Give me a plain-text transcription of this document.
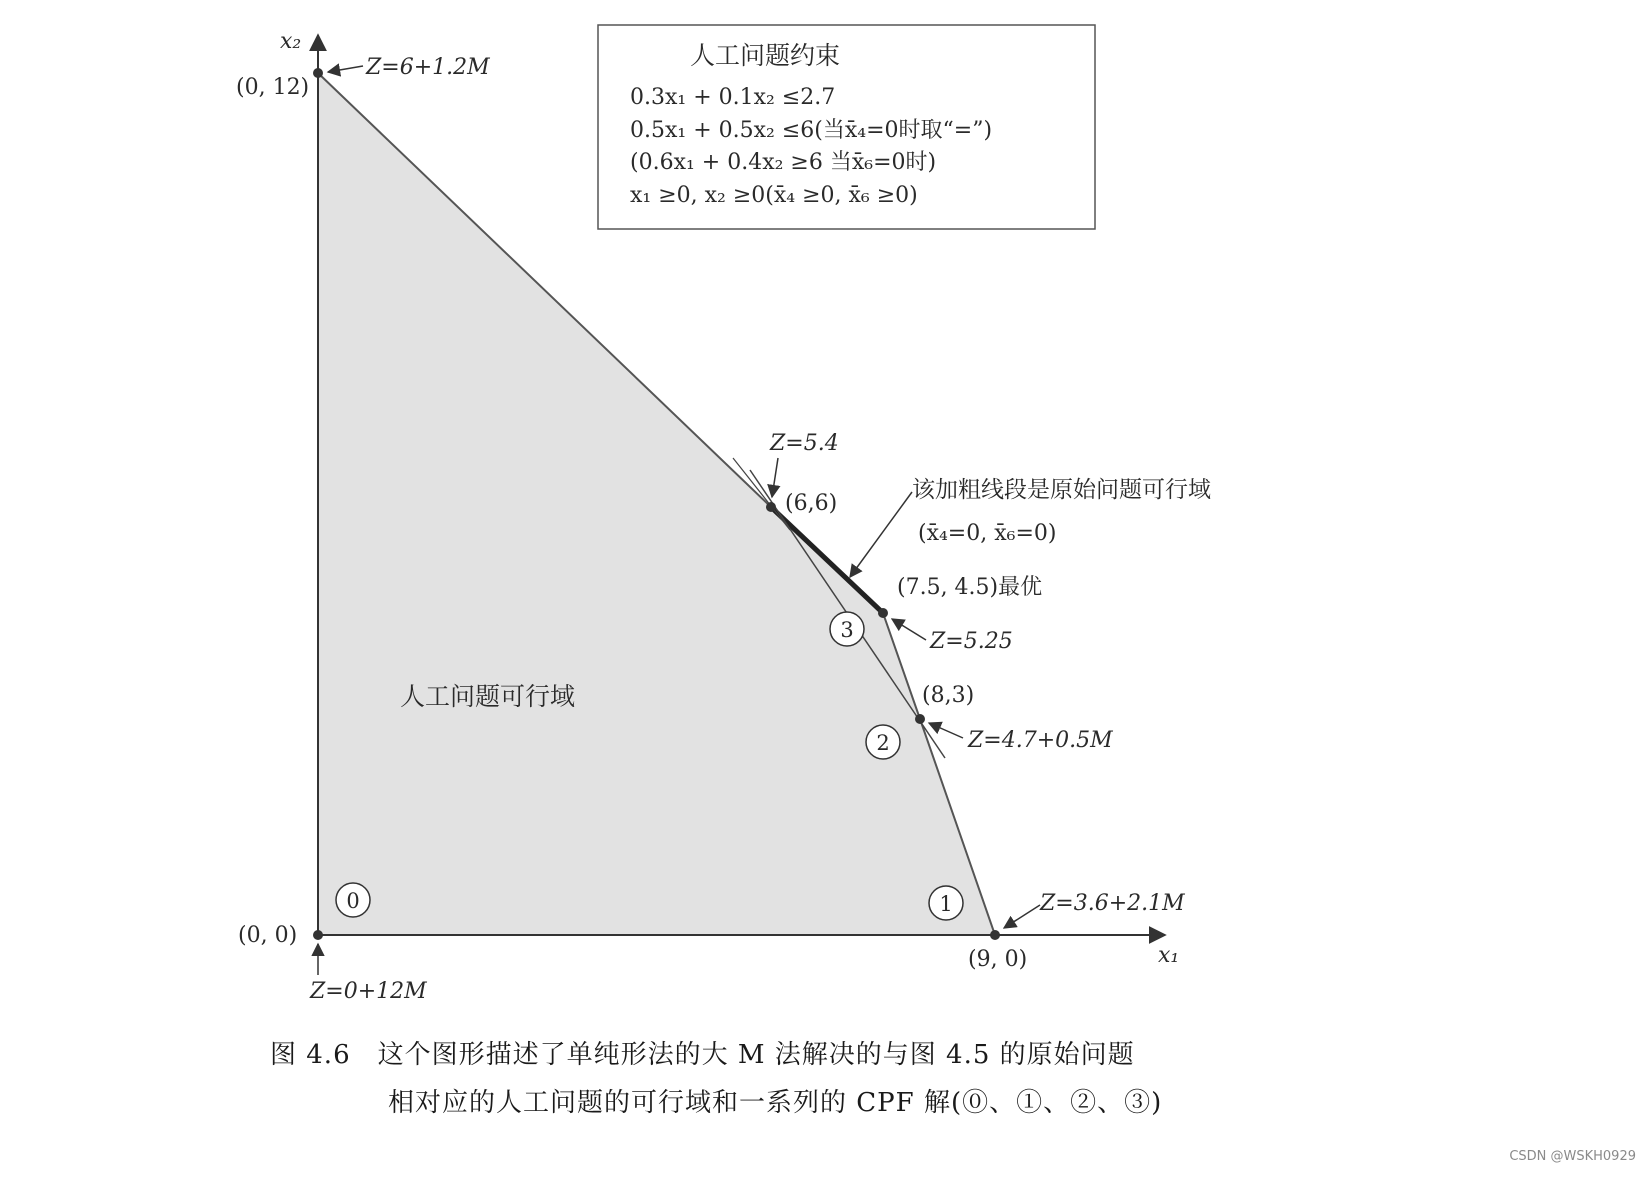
x₁
x₂
(0, 0)
(0, 12)
(9, 0)
(8,3)
(7.5, 4.5)最优
(6,6)
Z=0+12M
Z=6+1.2M
Z=3.6+2.1M
Z=4.7+0.5M
Z=5.25
Z=5.4
该加粗线段是原始问题可行域
(x̄₄=0, x̄₆=0)
人工问题可行域
0	1
2
3
人工问题约束
0.3x₁ + 0.1x₂ ≤2.7
0.5x₁ + 0.5x₂ ≤6(当x̄₄=0时取“=”)
(0.6x₁ + 0.4x₂ ≥6 当x̄₆=0时)
x₁ ≥0, x₂ ≥0(x̄₄ ≥0, x̄₆ ≥0)
图 4.6　这个图形描述了单纯形法的大 M 法解决的与图 4.5 的原始问题
相对应的人工问题的可行域和一系列的 CPF 解(⓪、①、②、③)
CSDN @WSKH0929
